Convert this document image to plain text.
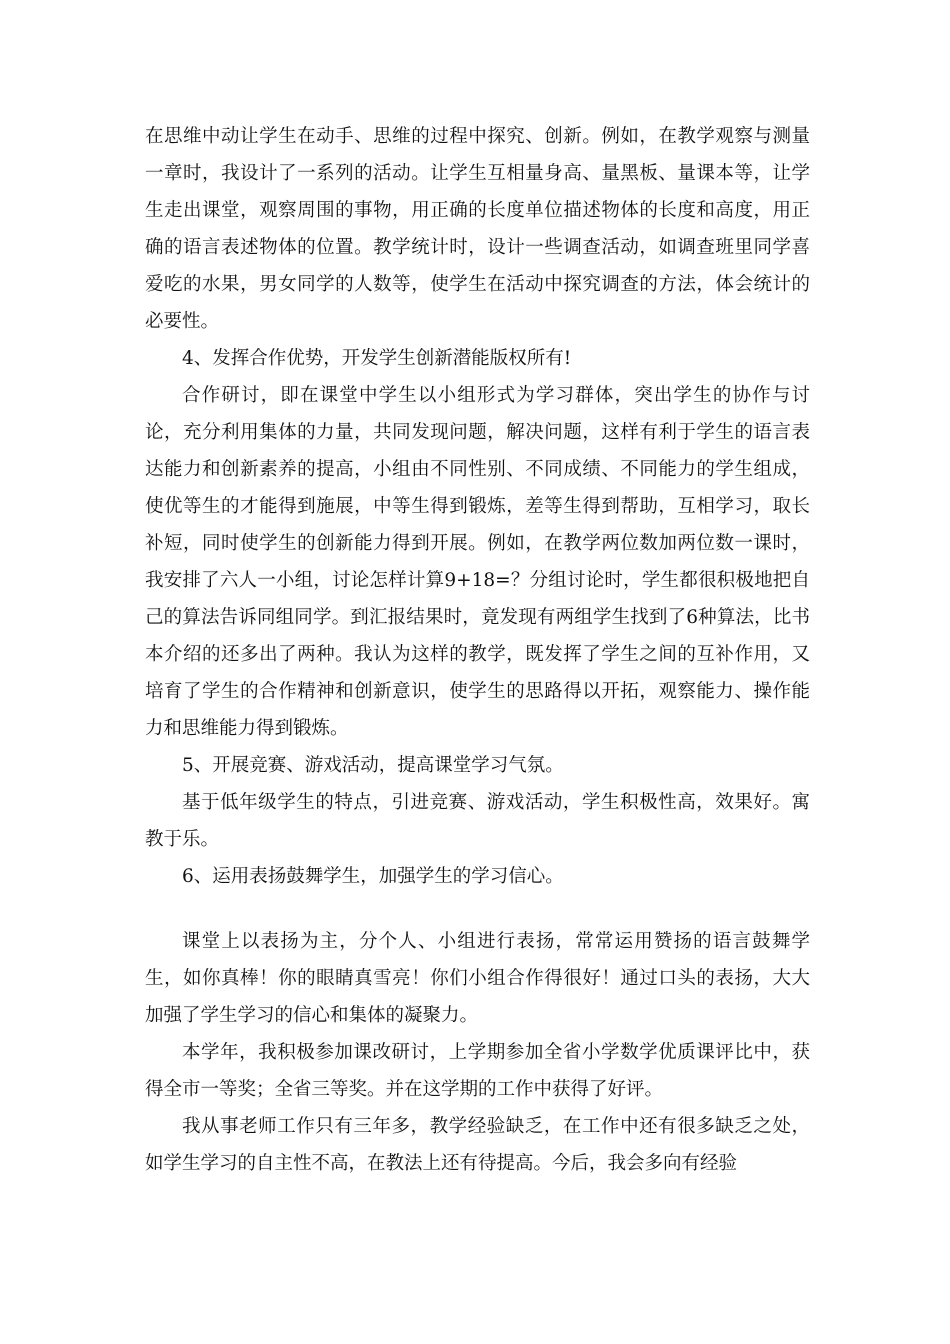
在思维中动让学生在动手、思维的过程中探究、创新。例如，在教学观察与测量一章时，我设计了一系列的活动。让学生互相量身高、量黑板、量课本等，让学生走出课堂，观察周围的事物，用正确的长度单位描述物体的长度和高度，用正确的语言表述物体的位置。教学统计时，设计一些调查活动，如调查班里同学喜爱吃的水果，男女同学的人数等，使学生在活动中探究调查的方法，体会统计的必要性。

4、发挥合作优势，开发学生创新潜能版权所有!

合作研讨，即在课堂中学生以小组形式为学习群体，突出学生的协作与讨论，充分利用集体的力量，共同发现问题，解决问题，这样有利于学生的语言表达能力和创新素养的提高，小组由不同性别、不同成绩、不同能力的学生组成，使优等生的才能得到施展，中等生得到锻炼，差等生得到帮助，互相学习，取长补短，同时使学生的创新能力得到开展。例如，在教学两位数加两位数一课时，我安排了六人一小组，讨论怎样计算9+18=？分组讨论时，学生都很积极地把自己的算法告诉同组同学。到汇报结果时，竟发现有两组学生找到了6种算法，比书本介绍的还多出了两种。我认为这样的教学，既发挥了学生之间的互补作用，又培育了学生的合作精神和创新意识，使学生的思路得以开拓，观察能力、操作能力和思维能力得到锻炼。

5、开展竞赛、游戏活动，提高课堂学习气氛。

基于低年级学生的特点，引进竞赛、游戏活动，学生积极性高，效果好。寓教于乐。

6、运用表扬鼓舞学生，加强学生的学习信心。

课堂上以表扬为主，分个人、小组进行表扬，常常运用赞扬的语言鼓舞学生，如你真棒！你的眼睛真雪亮！你们小组合作得很好！通过口头的表扬，大大加强了学生学习的信心和集体的凝聚力。

本学年，我积极参加课改研讨，上学期参加全省小学数学优质课评比中，获得全市一等奖；全省三等奖。并在这学期的工作中获得了好评。

我从事老师工作只有三年多，教学经验缺乏，在工作中还有很多缺乏之处，如学生学习的自主性不高，在教法上还有待提高。今后，我会多向有经验
